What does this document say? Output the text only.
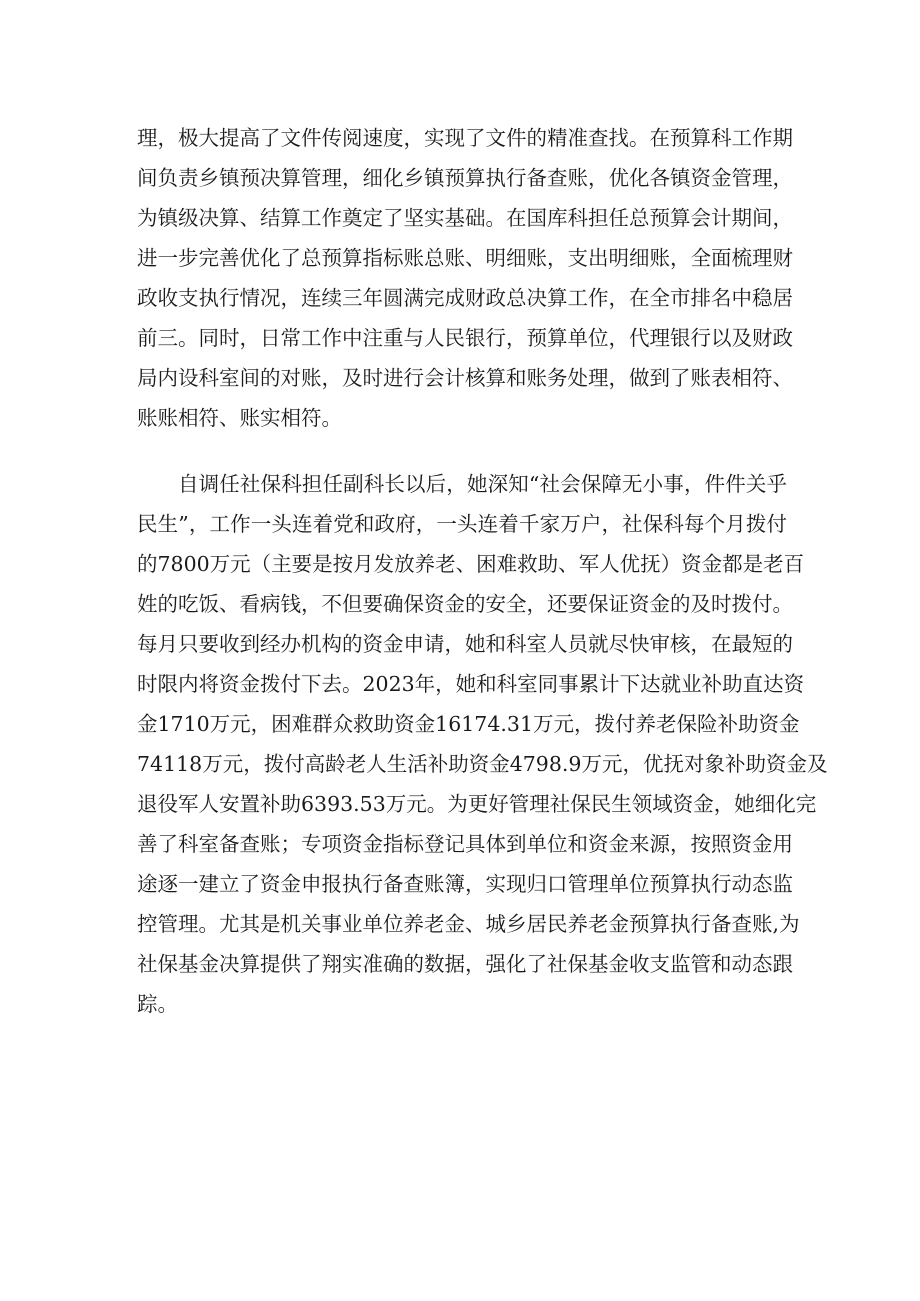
理，极大提高了文件传阅速度，实现了文件的精准查找。在预算科工作期
间负责乡镇预决算管理，细化乡镇预算执行备查账，优化各镇资金管理，
为镇级决算、结算工作奠定了坚实基础。在国库科担任总预算会计期间，
进一步完善优化了总预算指标账总账、明细账，支出明细账，全面梳理财
政收支执行情况，连续三年圆满完成财政总决算工作，在全市排名中稳居
前三。同时，日常工作中注重与人民银行，预算单位，代理银行以及财政
局内设科室间的对账，及时进行会计核算和账务处理，做到了账表相符、
账账相符、账实相符。
自调任社保科担任副科长以后，她深知“社会保障无小事，件件关乎
民生”，工作一头连着党和政府，一头连着千家万户，社保科每个月拨付
的7800万元（主要是按月发放养老、困难救助、军人优抚）资金都是老百
姓的吃饭、看病钱，不但要确保资金的安全，还要保证资金的及时拨付。
每月只要收到经办机构的资金申请，她和科室人员就尽快审核，在最短的
时限内将资金拨付下去。2023年，她和科室同事累计下达就业补助直达资
金1710万元，困难群众救助资金16174.31万元，拨付养老保险补助资金
74118万元，拨付高龄老人生活补助资金4798.9万元，优抚对象补助资金及
退役军人安置补助6393.53万元。为更好管理社保民生领域资金，她细化完
善了科室备查账；专项资金指标登记具体到单位和资金来源，按照资金用
途逐一建立了资金申报执行备查账簿，实现归口管理单位预算执行动态监
控管理。尤其是机关事业单位养老金、城乡居民养老金预算执行备查账,为
社保基金决算提供了翔实准确的数据，强化了社保基金收支监管和动态跟
踪。
